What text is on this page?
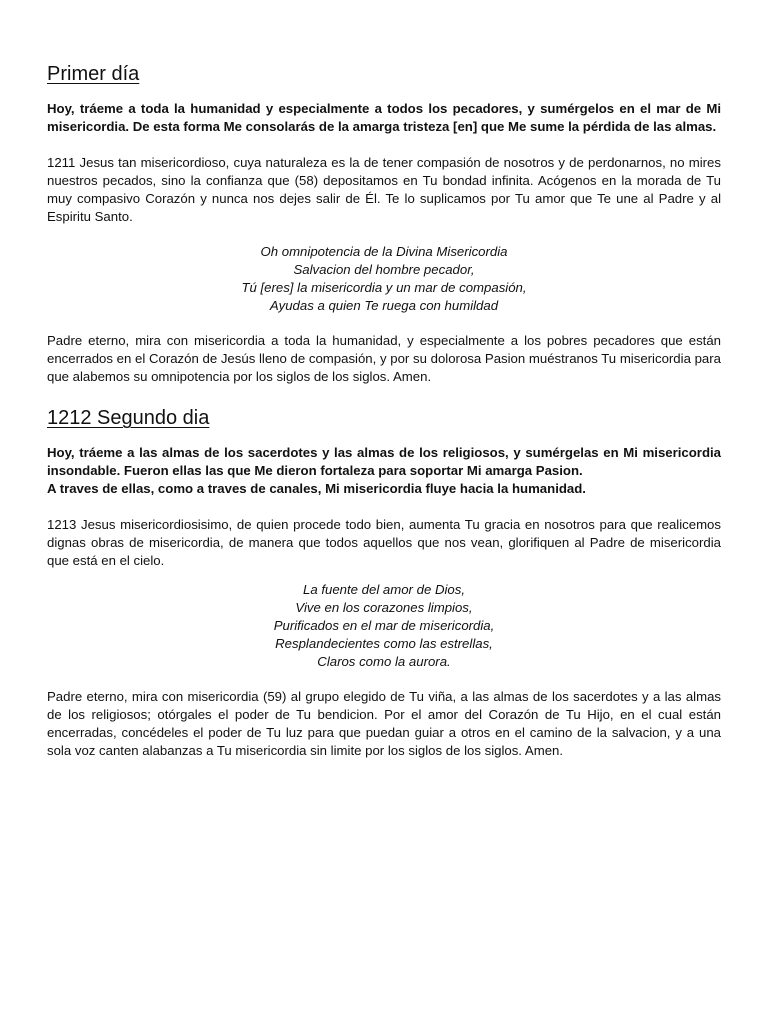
Primer día

Hoy, tráeme a toda la humanidad y especialmente a todos los pecadores, y sumérgelos en el mar de Mi misericordia. De esta forma Me consolarás de la amarga tristeza [en] que Me sume la pérdida de las almas.

1211 Jesus tan misericordioso, cuya naturaleza es la de tener compasión de nosotros y de perdonarnos, no mires nuestros pecados, sino la confianza que (58) depositamos en Tu bondad infinita. Acógenos en la morada de Tu muy compasivo Corazón y nunca nos dejes salir de Él. Te lo suplicamos por Tu amor que Te une al Padre y al Espiritu Santo.

Oh omnipotencia de la Divina Misericordia
Salvacion del hombre pecador,
Tú [eres] la misericordia y un mar de compasión,
Ayudas a quien Te ruega con humildad

Padre eterno, mira con misericordia a toda la humanidad, y especialmente a los pobres pecadores que están encerrados en el Corazón de Jesús lleno de compasión, y por su dolorosa Pasion muéstranos Tu misericordia para que alabemos su omnipotencia por los siglos de los siglos. Amen.

1212 Segundo dia

Hoy, tráeme a las almas de los sacerdotes y las almas de los religiosos, y sumérgelas en Mi misericordia insondable. Fueron ellas las que Me dieron fortaleza para soportar Mi amarga Pasion.

A traves de ellas, como a traves de canales, Mi misericordia fluye hacia la humanidad.

1213 Jesus misericordiosisimo, de quien procede todo bien, aumenta Tu gracia en nosotros para que realicemos dignas obras de misericordia, de manera que todos aquellos que nos vean, glorifiquen al Padre de misericordia que está en el cielo.

La fuente del amor de Dios,
Vive en los corazones limpios,
Purificados en el mar de misericordia,
Resplandecientes como las estrellas,
Claros como la aurora.

Padre eterno, mira con misericordia (59) al grupo elegido de Tu viña, a las almas de los sacerdotes y a las almas de los religiosos; otórgales el poder de Tu bendicion. Por el amor del Corazón de Tu Hijo, en el cual están encerradas, concédeles el poder de Tu luz para que puedan guiar a otros en el camino de la salvacion, y a una sola voz canten alabanzas a Tu misericordia sin limite por los siglos de los siglos. Amen.
